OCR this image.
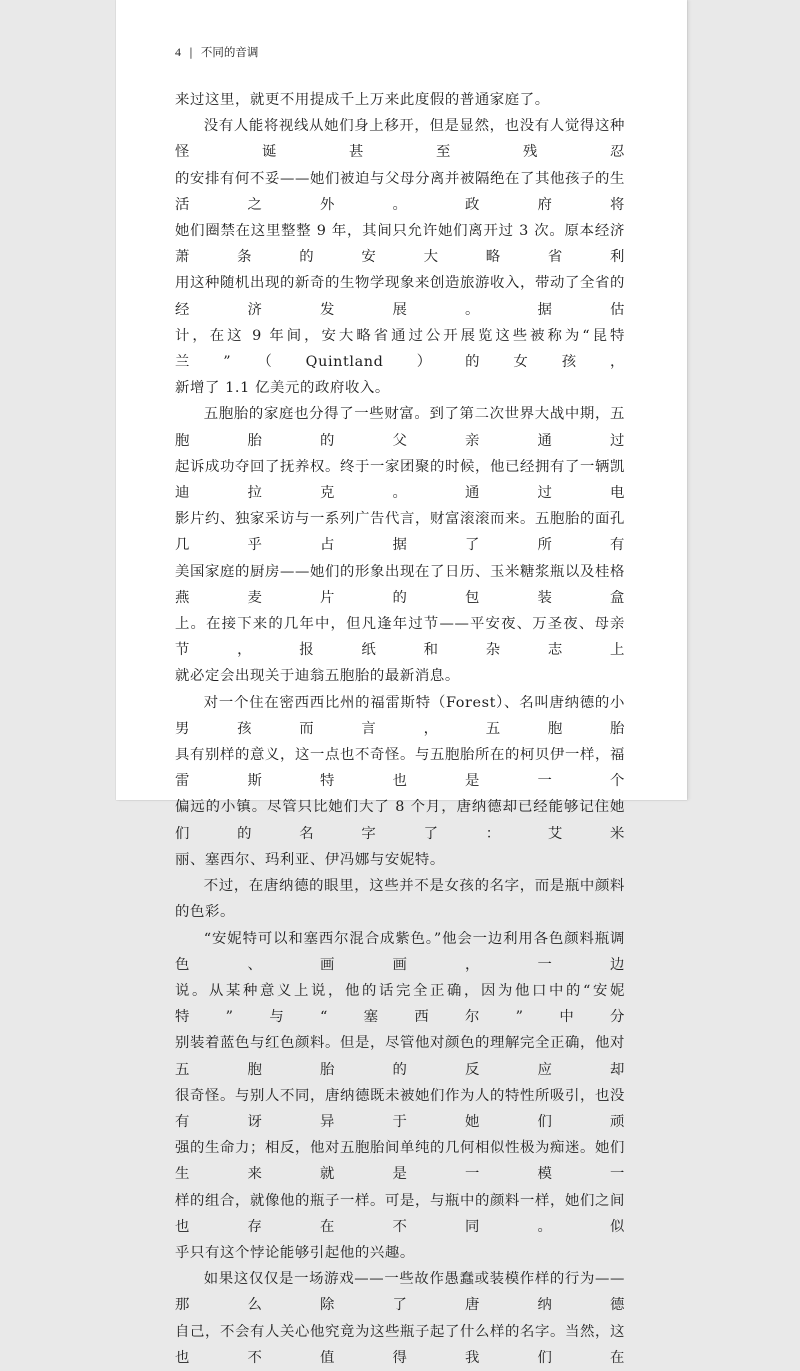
4 | 不同的音调

来过这里，就更不用提成千上万来此度假的普通家庭了。

没有人能将视线从她们身上移开，但是显然，也没有人觉得这种怪诞甚至残忍

的安排有何不妥——她们被迫与父母分离并被隔绝在了其他孩子的生活之外。政府将

她们圈禁在这里整整 9 年，其间只允许她们离开过 3 次。原本经济萧条的安大略省利

用这种随机出现的新奇的生物学现象来创造旅游收入，带动了全省的经济发展。据估

计，在这 9 年间，安大略省通过公开展览这些被称为“昆特兰”（Quintland）的女孩，

新增了 1.1 亿美元的政府收入。

五胞胎的家庭也分得了一些财富。到了第二次世界大战中期，五胞胎的父亲通过

起诉成功夺回了抚养权。终于一家团聚的时候，他已经拥有了一辆凯迪拉克。通过电

影片约、独家采访与一系列广告代言，财富滚滚而来。五胞胎的面孔几乎占据了所有

美国家庭的厨房——她们的形象出现在了日历、玉米糖浆瓶以及桂格燕麦片的包装盒

上。在接下来的几年中，但凡逢年过节——平安夜、万圣夜、母亲节，报纸和杂志上

就必定会出现关于迪翁五胞胎的最新消息。

对一个住在密西西比州的福雷斯特（Forest）、名叫唐纳德的小男孩而言，五胞胎

具有别样的意义，这一点也不奇怪。与五胞胎所在的柯贝伊一样，福雷斯特也是一个

偏远的小镇。尽管只比她们大了 8 个月，唐纳德却已经能够记住她们的名字了：艾米

丽、塞西尔、玛利亚、伊冯娜与安妮特。

不过，在唐纳德的眼里，这些并不是女孩的名字，而是瓶中颜料的色彩。

“安妮特可以和塞西尔混合成紫色。”他会一边利用各色颜料瓶调色、画画，一边

说。从某种意义上说，他的话完全正确，因为他口中的“安妮特”与“塞西尔”中分

别装着蓝色与红色颜料。但是，尽管他对颜色的理解完全正确，他对五胞胎的反应却

很奇怪。与别人不同，唐纳德既未被她们作为人的特性所吸引，也没有讶异于她们顽

强的生命力；相反，他对五胞胎间单纯的几何相似性极为痴迷。她们生来就是一模一

样的组合，就像他的瓶子一样。可是，与瓶中的颜料一样，她们之间也存在不同。似

乎只有这个悖论能够引起他的兴趣。

如果这仅仅是一场游戏——一些故作愚蠢或装模作样的行为——那么除了唐纳德

自己，不会有人关心他究竟为这些瓶子起了什么样的名字。当然，这也不值得我们在
